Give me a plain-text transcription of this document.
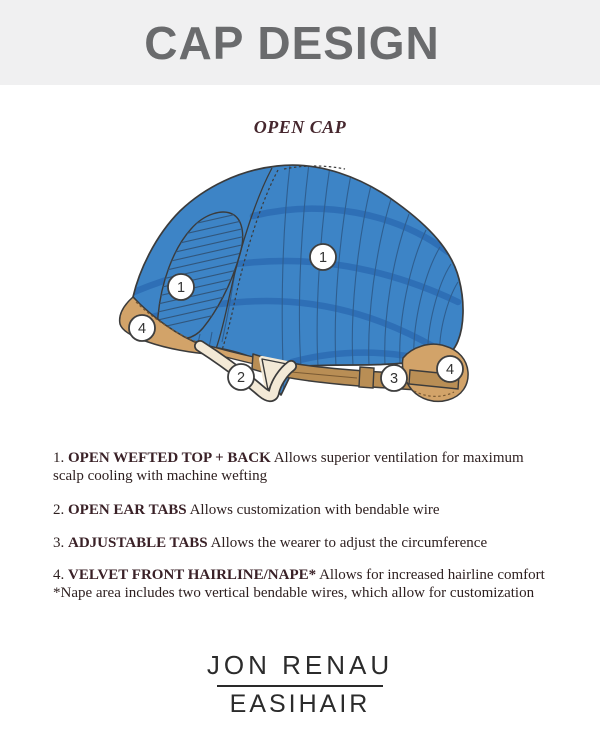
CAP DESIGN
OPEN CAP
1
1
2	3
4
4
1. OPEN WEFTED TOP + BACK Allows superior ventilation for maximum
scalp cooling with machine wefting
2. OPEN EAR TABS Allows customization with bendable wire
3. ADJUSTABLE TABS Allows the wearer to adjust the circumference
4. VELVET FRONT HAIRLINE/NAPE* Allows for increased hairline comfort
*Nape area includes two vertical bendable wires, which allow for customization
JON RENAU
EASIHAIR
